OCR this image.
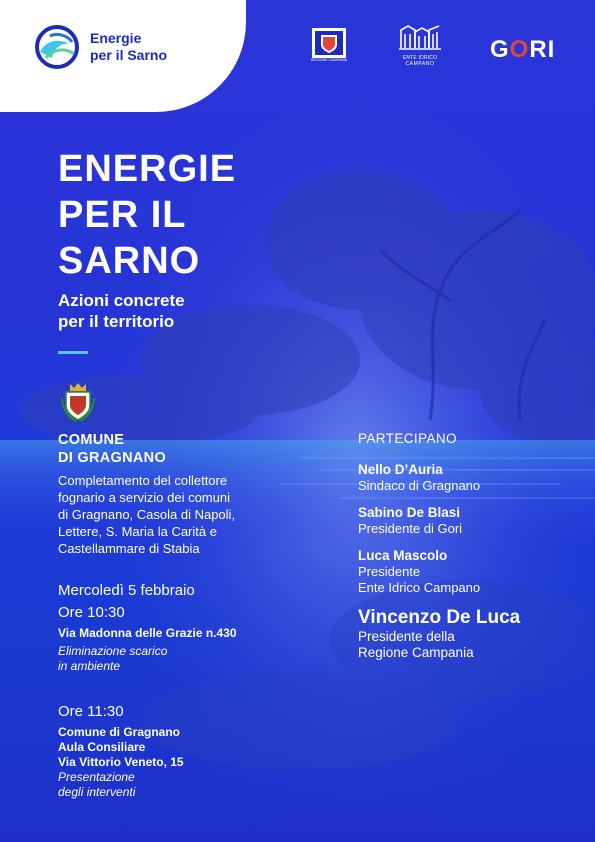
Energie
per il Sarno	REGIONE CAMPANIA	ENTE IDRICO
CAMPANO
GORI
ENERGIE
PER IL
SARNO
Azioni concrete
per il territorio
COMUNE
DI GRAGNANO
Completamento del collettore
fognario a servizio dei comuni
di Gragnano, Casola di Napoli,
Lettere, S. Maria la Carità e
Castellammare di Stabia
Mercoledì 5 febbraio
Ore 10:30
Via Madonna delle Grazie n.430
Eliminazione scarico
in ambiente
Ore 11:30
Comune di Gragnano
Aula Consiliare
Via Vittorio Veneto, 15
Presentazione
degli interventi
PARTECIPANO
Nello D’Auria
Sindaco di Gragnano
Sabino De Blasi
Presidente di Gori
Luca Mascolo
Presidente
Ente Idrico Campano
Vincenzo De Luca
Presidente della
Regione Campania
